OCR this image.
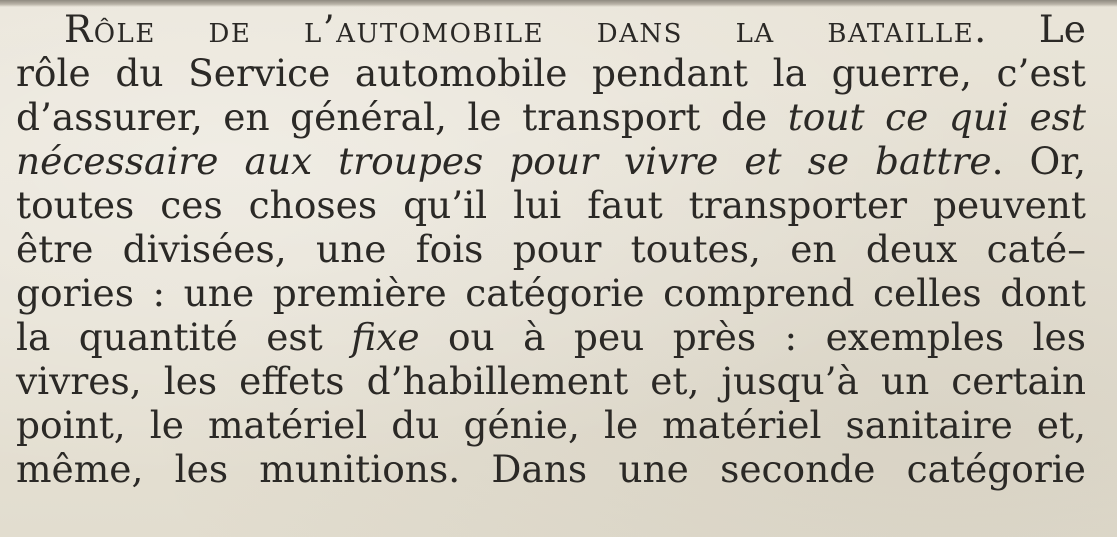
Rôle de l’automobile dans la bataille. Le
rôle du Service automobile pendant la guerre, c’est
d’assurer, en général, le transport de tout ce qui est
nécessaire aux troupes pour vivre et se battre. Or,
toutes ces choses qu’il lui faut transporter peuvent
être divisées, une fois pour toutes, en deux caté–
gories : une première catégorie comprend celles dont
la quantité est fixe ou à peu près : exemples les
vivres, les effets d’habillement et, jusqu’à un certain
point, le matériel du génie, le matériel sanitaire et,
même, les munitions. Dans une seconde catégorie
